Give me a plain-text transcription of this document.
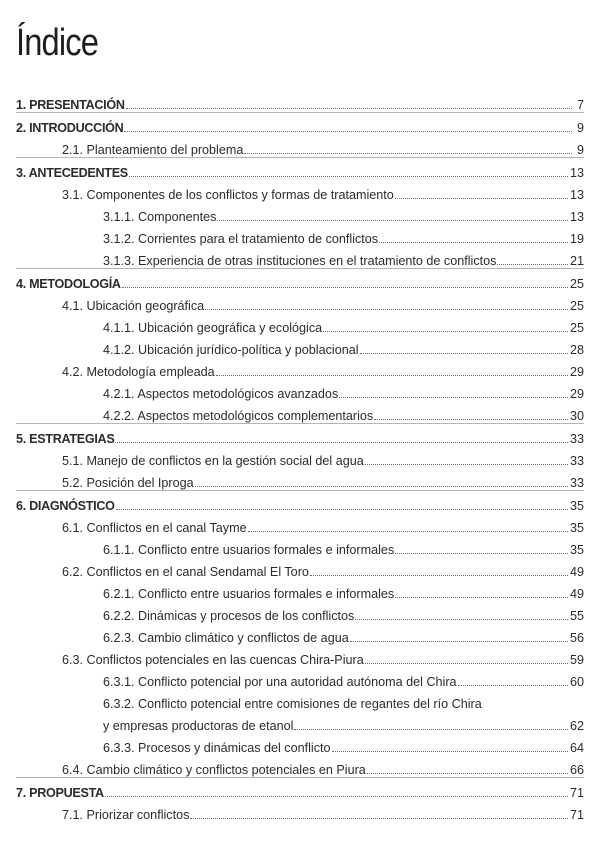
Índice
1. PRESENTACIÓN	7
2. INTRODUCCIÓN	9
2.1. Planteamiento del problema	9
3. ANTECEDENTES	13
3.1. Componentes de los conflictos y formas de tratamiento	13
3.1.1. Componentes	13
3.1.2. Corrientes para el tratamiento de conflictos	19
3.1.3. Experiencia de otras instituciones en el tratamiento de conflictos	21
4. METODOLOGÍA	25
4.1. Ubicación geográfica	25
4.1.1. Ubicación geográfica y ecológica	25
4.1.2. Ubicación jurídico-política y poblacional	28
4.2. Metodología empleada	29
4.2.1. Aspectos metodológicos avanzados	29
4.2.2. Aspectos metodológicos complementarios	30
5. ESTRATEGIAS	33
5.1. Manejo de conflictos en la gestión social del agua	33
5.2. Posición del Iproga	33
6. DIAGNÓSTICO	35
6.1. Conflictos en el canal Tayme	35
6.1.1. Conflicto entre usuarios formales e informales	35
6.2. Conflictos en el canal Sendamal El Toro	49
6.2.1. Conflicto entre usuarios formales e informales	49
6.2.2. Dinámicas y procesos de los conflictos	55
6.2.3. Cambio climático y conflictos de agua	56
6.3. Conflictos potenciales en las cuencas Chira-Piura	59
6.3.1. Conflicto potencial por una autoridad autónoma del Chira	60
6.3.2. Conflicto potencial entre comisiones de regantes del río Chira
y empresas productoras de etanol	62
6.3.3. Procesos y dinámicas del conflicto	64
6.4. Cambio climático y conflictos potenciales en Piura	66
7. PROPUESTA	71
7.1. Priorizar conflictos	71
